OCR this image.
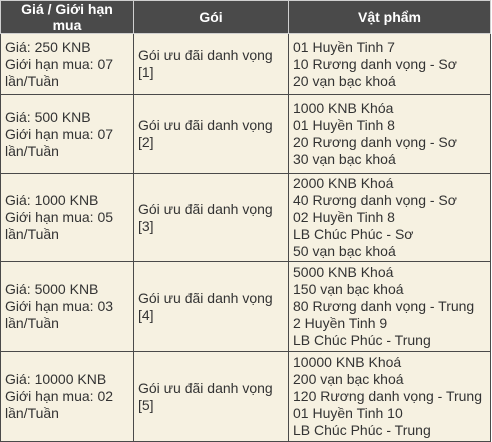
Giá / Giới hạn mua	Gói	Vật phẩm
Giá: 250 KNB
Giới hạn mua: 07 lần/Tuần	Gói ưu đãi danh vọng [1]	01 Huyền Tinh 7
10 Rương danh vọng - Sơ
20 vạn bạc khoá

Giá: 500 KNB
Giới hạn mua: 07 lần/Tuần	Gói ưu đãi danh vọng [2]	1000 KNB Khóa
01 Huyền Tinh 8
20 Rương danh vọng - Sơ
30 vạn bạc khoá

Giá: 1000 KNB
Giới hạn mua: 05 lần/Tuần	Gói ưu đãi danh vọng [3]	2000 KNB Khoá
40 Rương danh vọng - Sơ
02 Huyền Tinh 8
LB Chúc Phúc - Sơ
50 vạn bạc khoá

Giá: 5000 KNB
Giới hạn mua: 03 lần/Tuần	Gói ưu đãi danh vọng [4]	5000 KNB Khoá
150 vạn bạc khoá
80 Rương danh vọng - Trung
2 Huyền Tinh 9
LB Chúc Phúc - Trung

Giá: 10000 KNB
Giới hạn mua: 02 lần/Tuần	Gói ưu đãi danh vọng [5]	10000 KNB Khoá
200 vạn bạc khoá
120 Rương danh vọng - Trung
01 Huyền Tinh 10
LB Chúc Phúc - Trung
